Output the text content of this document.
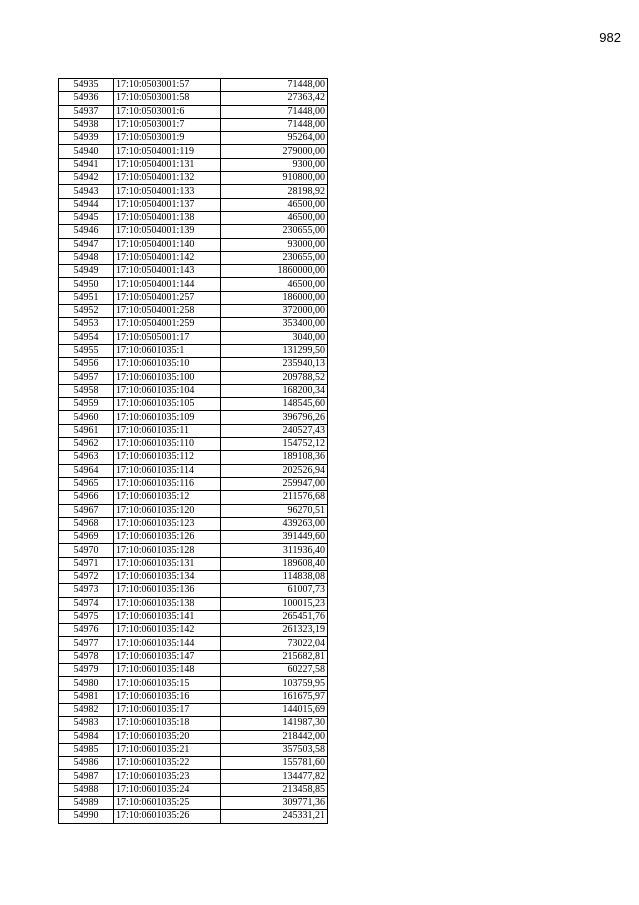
982
54935	17:10:0503001:57	71448,00
54936	17:10:0503001:58	27363,42
54937	17:10:0503001:6	71448,00
54938	17:10:0503001:7	71448,00
54939	17:10:0503001:9	95264,00
54940	17:10:0504001:119	279000,00
54941	17:10:0504001:131	9300,00
54942	17:10:0504001:132	910800,00
54943	17:10:0504001:133	28198,92
54944	17:10:0504001:137	46500,00
54945	17:10:0504001:138	46500,00
54946	17:10:0504001:139	230655,00
54947	17:10:0504001:140	93000,00
54948	17:10:0504001:142	230655,00
54949	17:10:0504001:143	1860000,00
54950	17:10:0504001:144	46500,00
54951	17:10:0504001:257	186000,00
54952	17:10:0504001:258	372000,00
54953	17:10:0504001:259	353400,00
54954	17:10:0505001:17	3040,00
54955	17:10:0601035:1	131299,50
54956	17:10:0601035:10	235940,13
54957	17:10:0601035:100	209788,52
54958	17:10:0601035:104	168200,34
54959	17:10:0601035:105	148545,60
54960	17:10:0601035:109	396796,26
54961	17:10:0601035:11	240527,43
54962	17:10:0601035:110	154752,12
54963	17:10:0601035:112	189108,36
54964	17:10:0601035:114	202526,94
54965	17:10:0601035:116	259947,00
54966	17:10:0601035:12	211576,68
54967	17:10:0601035:120	96270,51
54968	17:10:0601035:123	439263,00
54969	17:10:0601035:126	391449,60
54970	17:10:0601035:128	311936,40
54971	17:10:0601035:131	189608,40
54972	17:10:0601035:134	114838,08
54973	17:10:0601035:136	61007,73
54974	17:10:0601035:138	100015,23
54975	17:10:0601035:141	265451,76
54976	17:10:0601035:142	261323,19
54977	17:10:0601035:144	73022,04
54978	17:10:0601035:147	215682,81
54979	17:10:0601035:148	60227,58
54980	17:10:0601035:15	103759,95
54981	17:10:0601035:16	161675,97
54982	17:10:0601035:17	144015,69
54983	17:10:0601035:18	141987,30
54984	17:10:0601035:20	218442,00
54985	17:10:0601035:21	357503,58
54986	17:10:0601035:22	155781,60
54987	17:10:0601035:23	134477,82
54988	17:10:0601035:24	213458,85
54989	17:10:0601035:25	309771,36
54990	17:10:0601035:26	245331,21
